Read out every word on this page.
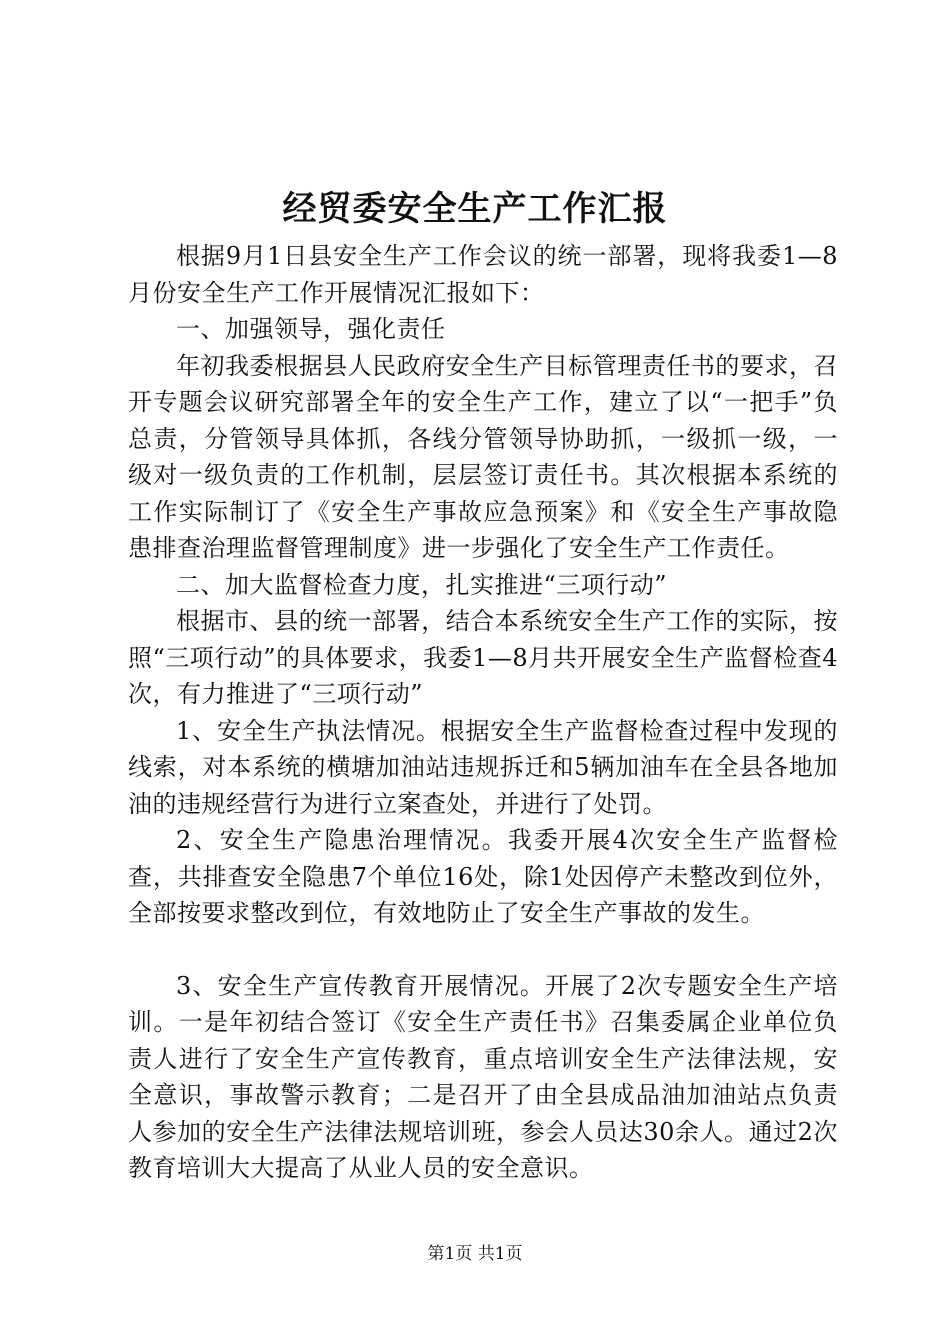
经贸委安全生产工作汇报

根据9月1日县安全生产工作会议的统一部署，现将我委1—8月份安全生产工作开展情况汇报如下：

一、加强领导，强化责任

年初我委根据县人民政府安全生产目标管理责任书的要求，召开专题会议研究部署全年的安全生产工作，建立了以“一把手”负总责，分管领导具体抓，各线分管领导协助抓，一级抓一级，一级对一级负责的工作机制，层层签订责任书。其次根据本系统的工作实际制订了《安全生产事故应急预案》和《安全生产事故隐患排查治理监督管理制度》进一步强化了安全生产工作责任。

二、加大监督检查力度，扎实推进“三项行动”

根据市、县的统一部署，结合本系统安全生产工作的实际，按照“三项行动”的具体要求，我委1—8月共开展安全生产监督检查4次，有力推进了“三项行动”

1、安全生产执法情况。根据安全生产监督检查过程中发现的线索，对本系统的横塘加油站违规拆迁和5辆加油车在全县各地加油的违规经营行为进行立案查处，并进行了处罚。

2、安全生产隐患治理情况。我委开展4次安全生产监督检查，共排查安全隐患7个单位16处，除1处因停产未整改到位外，全部按要求整改到位，有效地防止了安全生产事故的发生。

3、安全生产宣传教育开展情况。开展了2次专题安全生产培训。一是年初结合签订《安全生产责任书》召集委属企业单位负责人进行了安全生产宣传教育，重点培训安全生产法律法规，安全意识，事故警示教育；二是召开了由全县成品油加油站点负责人参加的安全生产法律法规培训班，参会人员达30余人。通过2次教育培训大大提高了从业人员的安全意识。

第1页 共1页
